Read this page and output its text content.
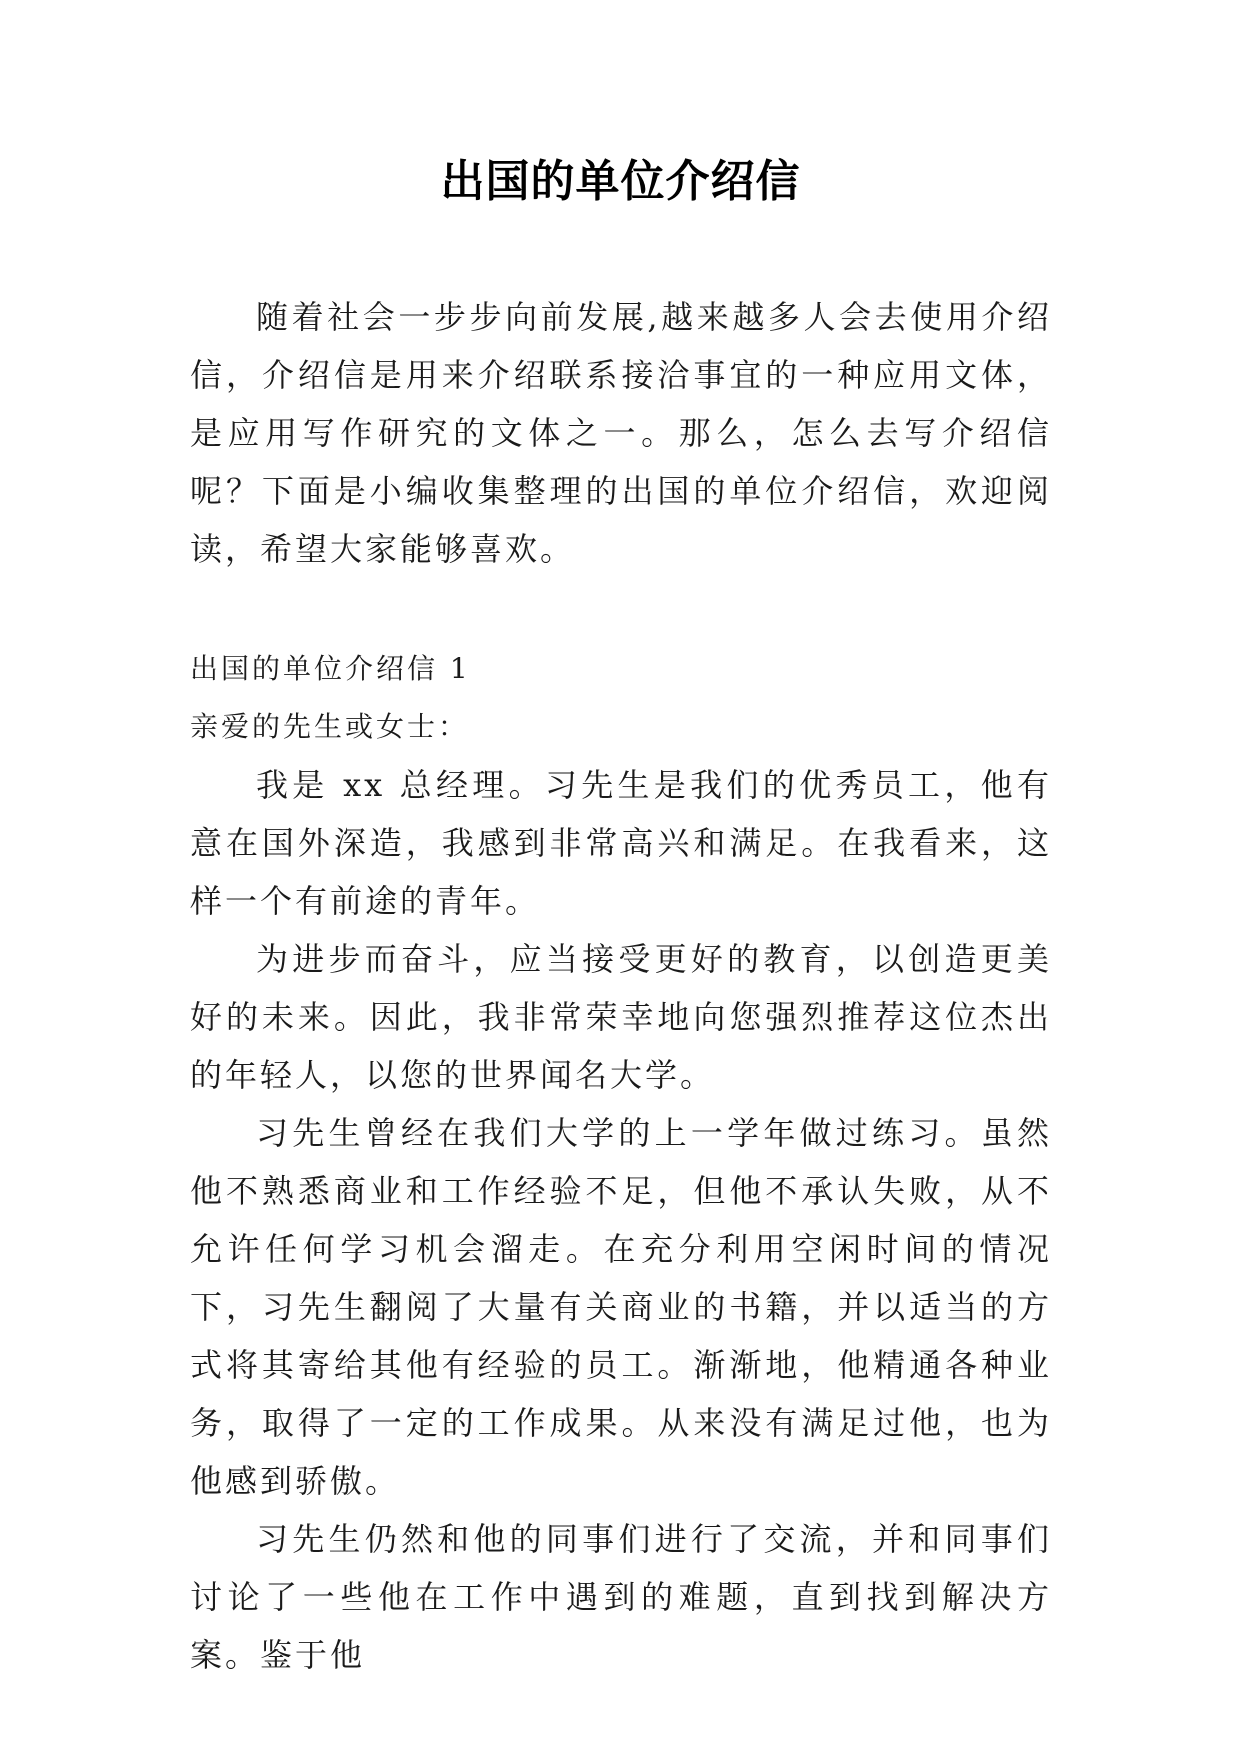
出国的单位介绍信
随着社会一步步向前发展,越来越多人会去使用介绍信，介绍信是用来介绍联系接洽事宜的一种应用文体，是应用写作研究的文体之一。那么，怎么去写介绍信呢？下面是小编收集整理的出国的单位介绍信，欢迎阅读，希望大家能够喜欢。
出国的单位介绍信 1
亲爱的先生或女士：
我是 xx 总经理。习先生是我们的优秀员工，他有意在国外深造，我感到非常高兴和满足。在我看来，这样一个有前途的青年。
为进步而奋斗，应当接受更好的教育，以创造更美好的未来。因此，我非常荣幸地向您强烈推荐这位杰出的年轻人，以您的世界闻名大学。
习先生曾经在我们大学的上一学年做过练习。虽然他不熟悉商业和工作经验不足，但他不承认失败，从不允许任何学习机会溜走。在充分利用空闲时间的情况下，习先生翻阅了大量有关商业的书籍，并以适当的方式将其寄给其他有经验的员工。渐渐地，他精通各种业务，取得了一定的工作成果。从来没有满足过他，也为他感到骄傲。
习先生仍然和他的同事们进行了交流，并和同事们讨论了一些他在工作中遇到的难题，直到找到解决方案。鉴于他
